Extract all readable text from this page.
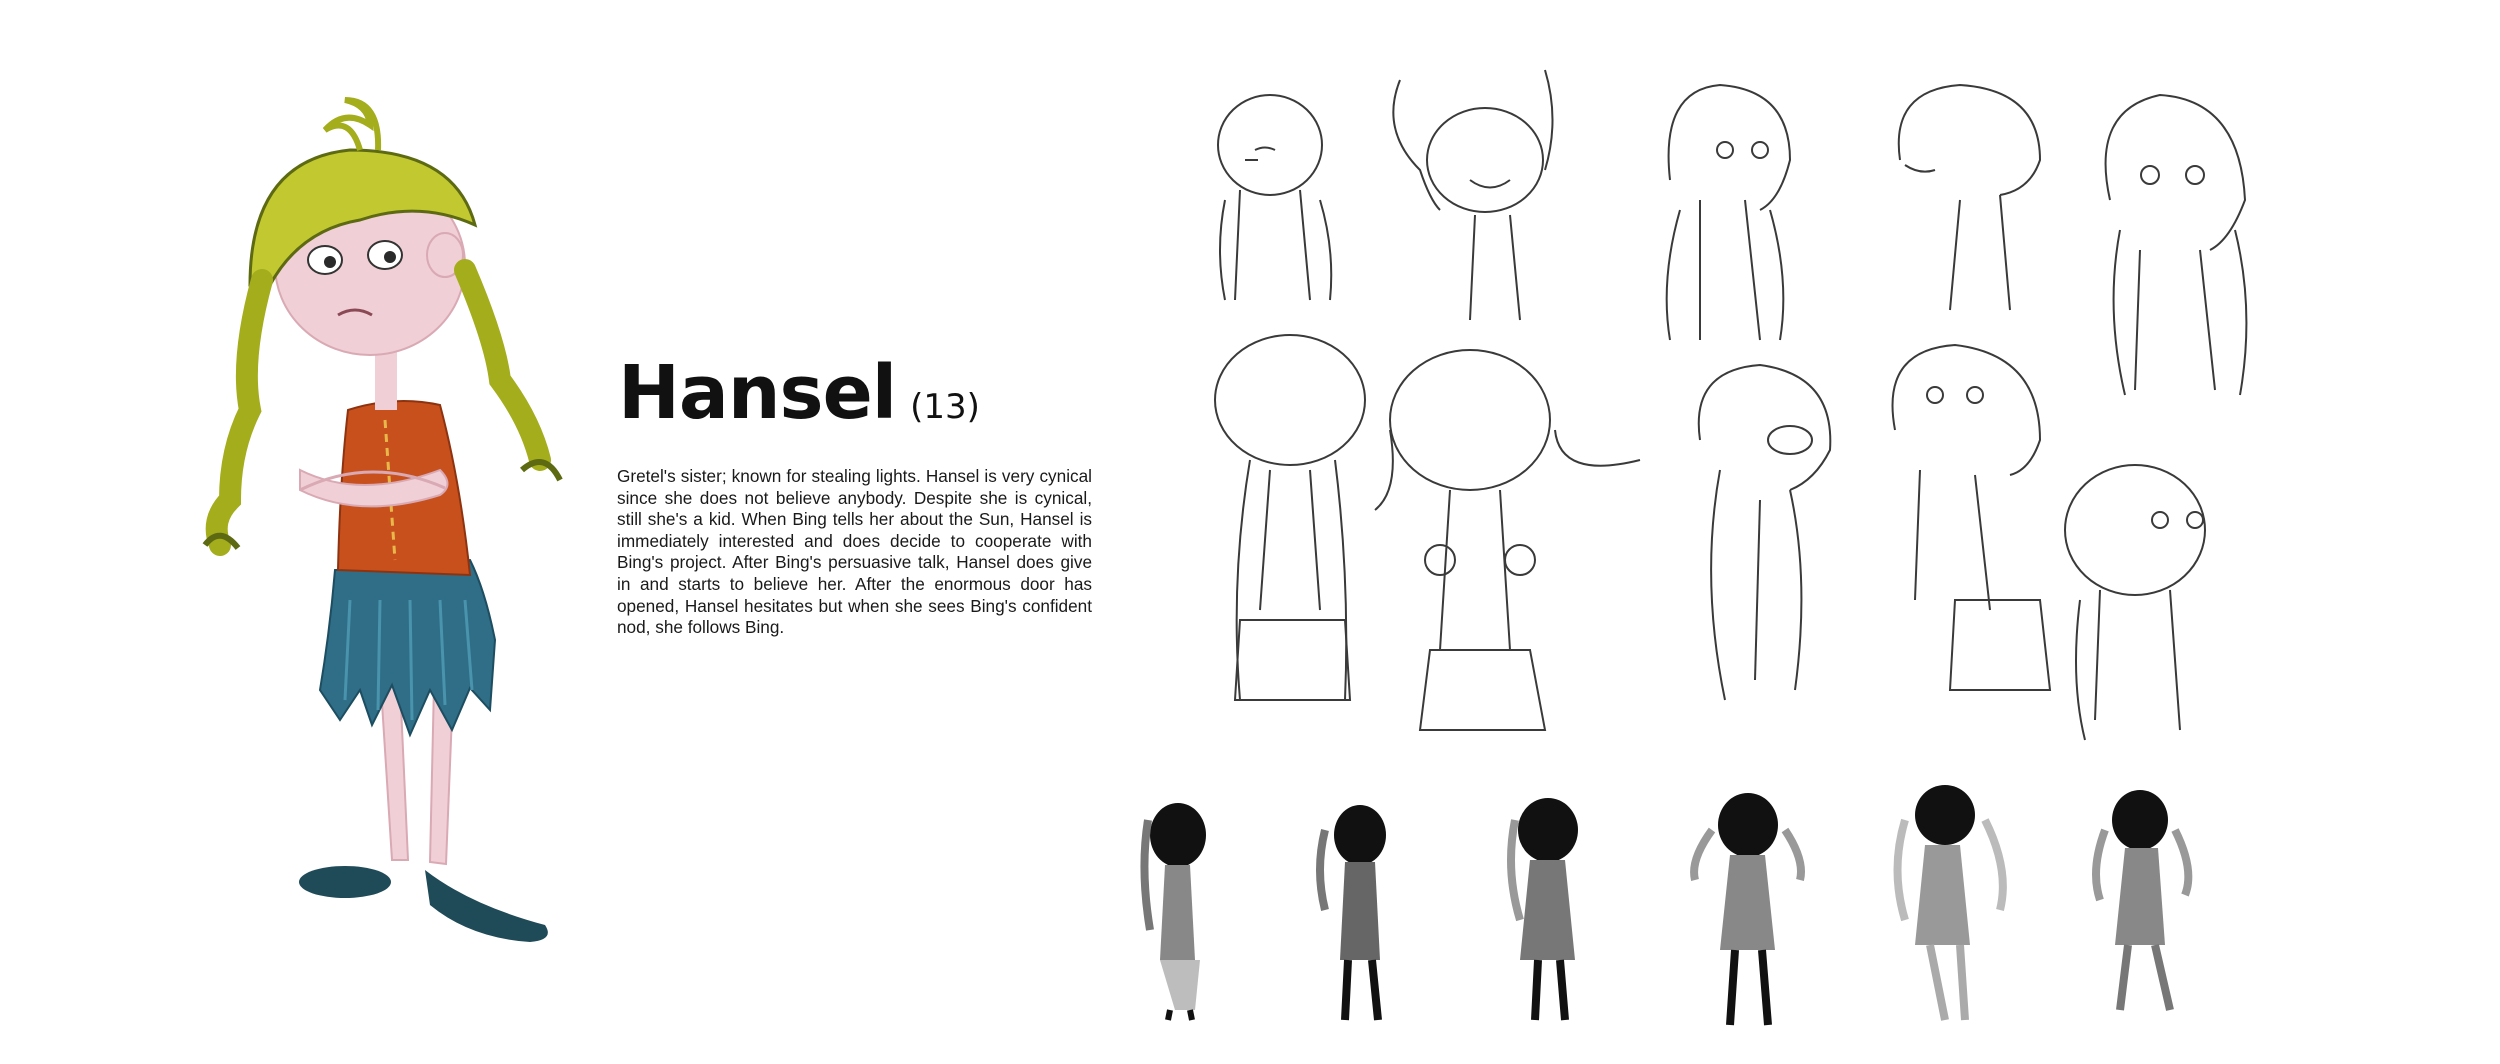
Hansel (13)

Gretel's sister; known for stealing lights. Hansel is very cynical since she does not believe anybody. Despite she is cynical, still she's a kid. When Bing tells her about the Sun, Hansel is immediately interested and does decide to cooperate with Bing's project. After Bing's persuasive talk, Hansel does give in and starts to believe her. After the enormous door has opened, Hansel hesitates but when she sees Bing's confident nod, she follows Bing.
